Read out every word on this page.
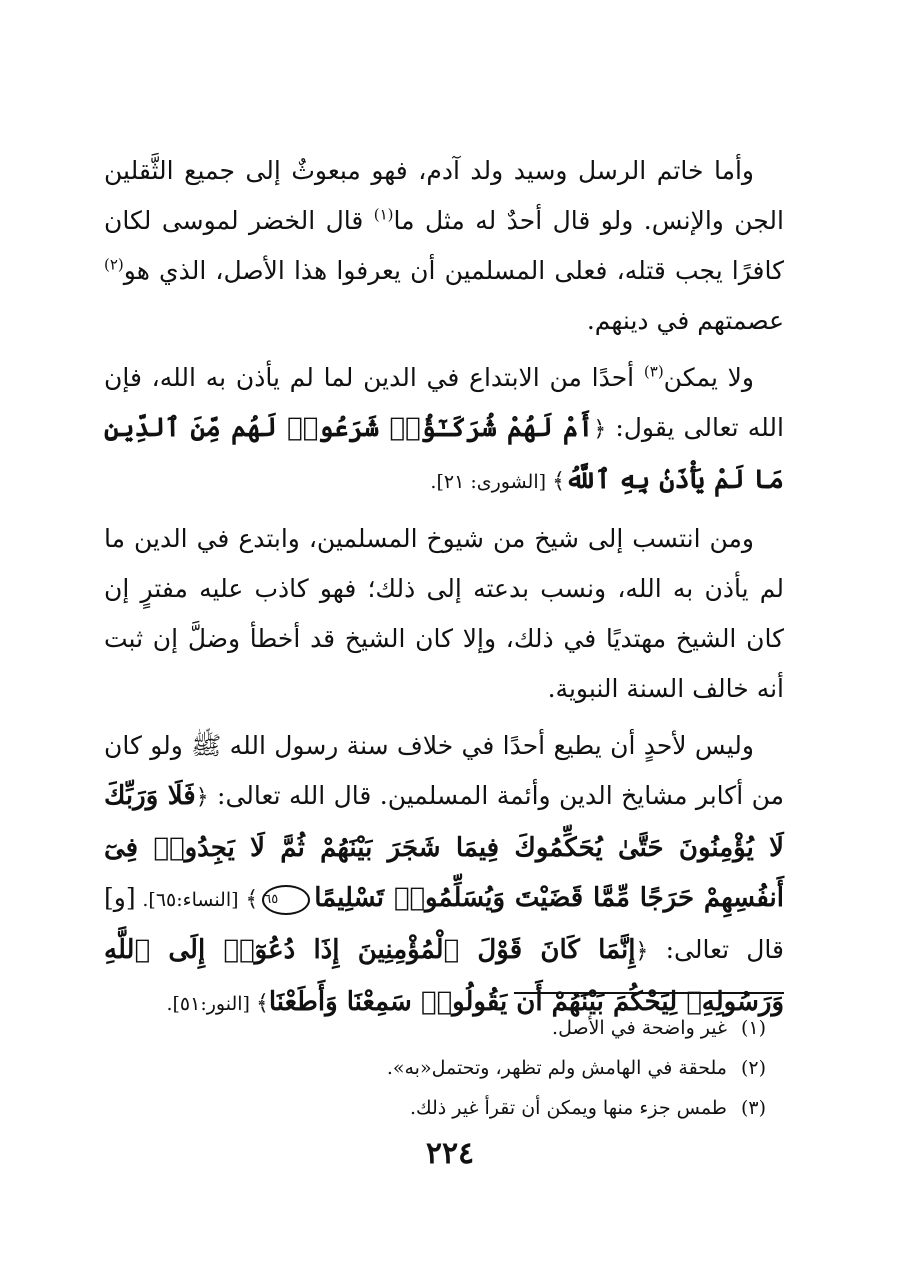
وأما خاتم الرسل وسيد ولد آدم، فهو مبعوثٌ إلى جميع الثَّقلين الجن والإنس. ولو قال أحدٌ له مثل ما$^{(١)}$ قال الخضر لموسى لكان كافرًا يجب قتله، فعلى المسلمين أن يعرفوا هذا الأصل، الذي هو$^{(٢)}$ عصمتهم في دينهم.

ولا يمكن$^{(٣)}$ أحدًا من الابتداع في الدين لما لم يأذن به الله، فإن الله تعالى يقول: ﴿أَمْ لَهُمْ شُرَكَـٰٓؤُا۟ شَرَعُوا۟ لَهُم مِّنَ ٱلدِّينِ مَا لَمْ يَأْذَنۢ بِهِ ٱللَّهُ﴾ [الشورى: ٢١].

ومن انتسب إلى شيخ من شيوخ المسلمين، وابتدع في الدين ما لم يأذن به الله، ونسب بدعته إلى ذلك؛ فهو كاذب عليه مفترٍ إن كان الشيخ مهتديًا في ذلك، وإلا كان الشيخ قد أخطأ وضلَّ إن ثبت أنه خالف السنة النبوية.

وليس لأحدٍ أن يطيع أحدًا في خلاف سنة رسول الله ﷺ ولو كان من أكابر مشايخ الدين وأئمة المسلمين. قال الله تعالى: ﴿فَلَا وَرَبِّكَ لَا يُؤْمِنُونَ حَتَّىٰ يُحَكِّمُوكَ فِيمَا شَجَرَ بَيْنَهُمْ ثُمَّ لَا يَجِدُوا۟ فِىٓ أَنفُسِهِمْ حَرَجًا مِّمَّا قَضَيْتَ وَيُسَلِّمُوا۟ تَسْلِيمًا٦٥﴾ [النساء:٦٥]. [و] قال تعالى: ﴿إِنَّمَا كَانَ قَوْلَ ٱلْمُؤْمِنِينَ إِذَا دُعُوٓا۟ إِلَى ٱللَّهِ وَرَسُولِهِۦ لِيَحْكُمَ بَيْنَهُمْ أَن يَقُولُوا۟ سَمِعْنَا وَأَطَعْنَا﴾ [النور:٥١].

(١)غير واضحة في الأصل.
(٢)ملحقة في الهامش ولم تظهر، وتحتمل«به».
(٣)طمس جزء منها ويمكن أن تقرأ غير ذلك.
٢٢٤
